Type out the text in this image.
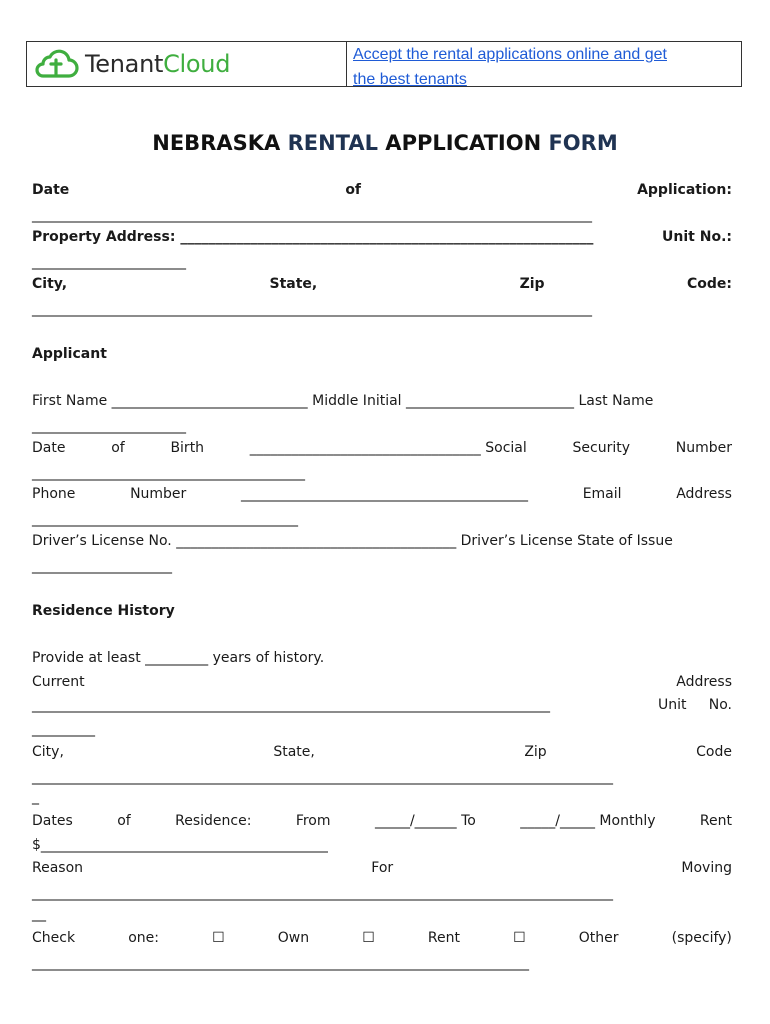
TenantCloud	Accept the rental applications online and get
the best tenants
NEBRASKA RENTAL APPLICATION FORM
Date	of	Application:
________________________________________________________________________________
Property Address: ___________________________________________________________	Unit No.:
______________________
City,	State,	Zip	Code:
________________________________________________________________________________
Applicant
First Name ____________________________ Middle Initial ________________________ Last Name
______________________
Date	of	Birth	_________________________________ Social	Security	Number
_______________________________________
Phone	Number	_________________________________________	Email	Address
______________________________________
Driver’s License No. ________________________________________ Driver’s License State of Issue
____________________
Residence History
Provide at least _________ years of history.
Current	Address
__________________________________________________________________________	Unit     No.
_________
City,	State,	Zip	Code
___________________________________________________________________________________
_
Dates	of	Residence:	From	_____/______ To	_____/_____ Monthly	Rent
$_________________________________________
Reason	For	Moving
___________________________________________________________________________________
__
Check	one:	☐	Own	☐	Rent	☐	Other	(specify)
_______________________________________________________________________
